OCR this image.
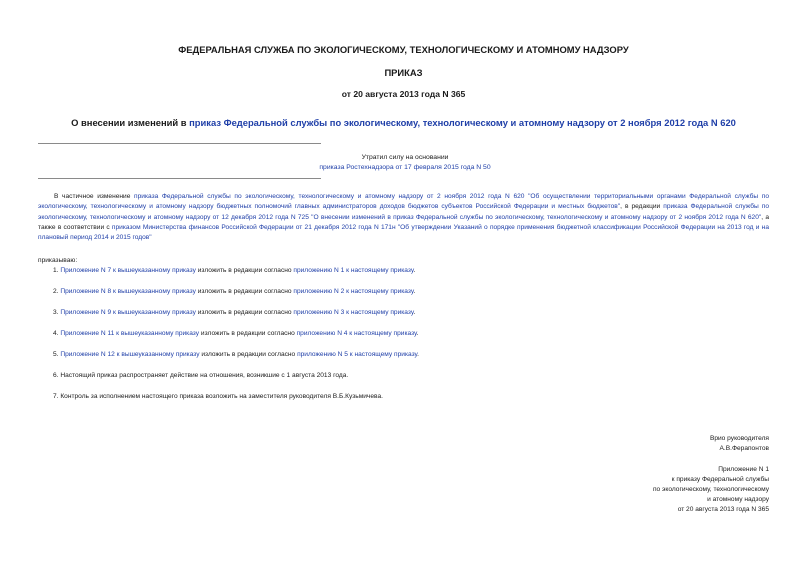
ФЕДЕРАЛЬНАЯ СЛУЖБА ПО ЭКОЛОГИЧЕСКОМУ, ТЕХНОЛОГИЧЕСКОМУ И АТОМНОМУ НАДЗОРУ
ПРИКАЗ
от 20 августа 2013 года N 365
О внесении изменений в приказ Федеральной службы по экологическому, технологическому и атомному надзору от 2 ноября 2012 года N 620
Утратил силу на основании
приказа Ростехнадзора от 17 февраля 2015 года N 50
В частичное изменение приказа Федеральной службы по экологическому, технологическому и атомному надзору от 2 ноября 2012 года N 620 "Об осуществлении территориальными органами Федеральной службы по экологическому, технологическому и атомному надзору бюджетных полномочий главных администраторов доходов бюджетов субъектов Российской Федерации и местных бюджетов", в редакции приказа Федеральной службы по экологическому, технологическому и атомному надзору от 12 декабря 2012 года N 725 "О внесении изменений в приказ Федеральной службы по экологическому, технологическому и атомному надзору от 2 ноября 2012 года N 620", а также в соответствии с приказом Министерства финансов Российской Федерации от 21 декабря 2012 года N 171н "Об утверждении Указаний о порядке применения бюджетной классификации Российской Федерации на 2013 год и на плановый период 2014 и 2015 годов"
приказываю:
1. Приложение N 7 к вышеуказанному приказу изложить в редакции согласно приложению N 1 к настоящему приказу.
2. Приложение N 8 к вышеуказанному приказу изложить в редакции согласно приложению N 2 к настоящему приказу.
3. Приложение N 9 к вышеуказанному приказу изложить в редакции согласно приложению N 3 к настоящему приказу.
4. Приложение N 11 к вышеуказанному приказу изложить в редакции согласно приложению N 4 к настоящему приказу.
5. Приложение N 12 к вышеуказанному приказу изложить в редакции согласно приложению N 5 к настоящему приказу.
6. Настоящий приказ распространяет действие на отношения, возникшие с 1 августа 2013 года.
7. Контроль за исполнением настоящего приказа возложить на заместителя руководителя В.Б.Кузьмичева.
Врио руководителя
А.В.Ферапонтов
Приложение N 1
к приказу Федеральной службы
по экологическому, технологическому
и атомному надзору
от 20 августа 2013 года N 365
